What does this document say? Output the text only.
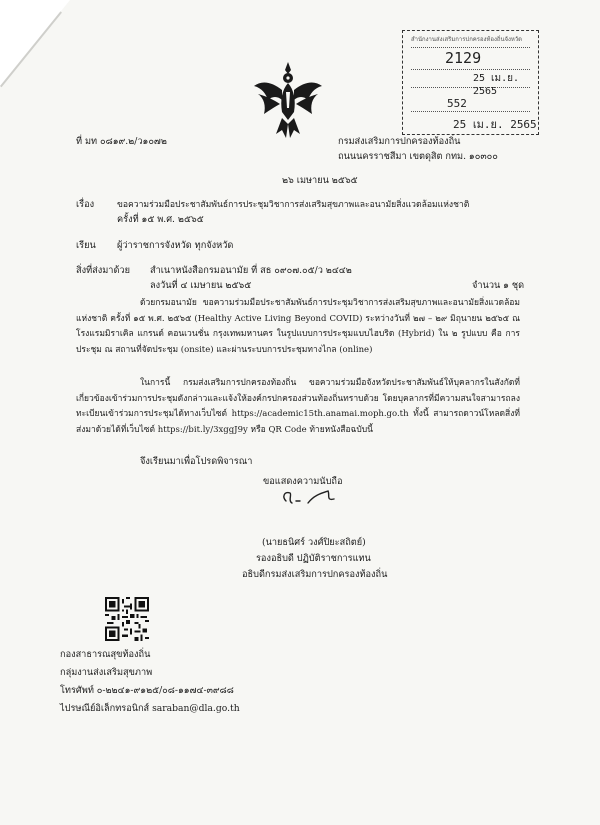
สำนักงานส่งเสริมการปกครองท้องถิ่นจังหวัด
2129
25 เม.ย. 2565
552
25 เม.ย. 2565
ที่ มท ๐๘๑๙.๒/ว๑๐๗๒	กรมส่งเสริมการปกครองท้องถิ่น
ถนนนครราชสีมา เขตดุสิต กทม. ๑๐๓๐๐
๒๖ เมษายน ๒๕๖๕
เรื่อง	ขอความร่วมมือประชาสัมพันธ์การประชุมวิชาการส่งเสริมสุขภาพและอนามัยสิ่งแวดล้อมแห่งชาติ
ครั้งที่ ๑๕ พ.ศ. ๒๕๖๕
เรียน ผู้ว่าราชการจังหวัด ทุกจังหวัด
สิ่งที่ส่งมาด้วย สำเนาหนังสือกรมอนามัย ที่ สธ ๐๙๐๗.๐๕/ว ๒๔๔๒
ลงวันที่ ๔ เมษายน ๒๕๖๕	จำนวน ๑ ชุด

ด้วยกรมอนามัย ขอความร่วมมือประชาสัมพันธ์การประชุมวิชาการส่งเสริมสุขภาพและอนามัยสิ่งแวดล้อมแห่งชาติ ครั้งที่ ๑๕ พ.ศ. ๒๕๖๕ (Healthy Active Living Beyond COVID) ระหว่างวันที่ ๒๗ – ๒๙ มิถุนายน ๒๕๖๕ ณ โรงแรมมิราเคิล แกรนด์ คอนเวนชั่น กรุงเทพมหานคร ในรูปแบบการประชุมแบบไฮบริด (Hybrid) ใน ๒ รูปแบบ คือ การประชุม ณ สถานที่จัดประชุม (onsite) และผ่านระบบการประชุมทางไกล (online)

ในการนี้ กรมส่งเสริมการปกครองท้องถิ่น ขอความร่วมมือจังหวัดประชาสัมพันธ์ให้บุคลากรในสังกัดที่เกี่ยวข้องเข้าร่วมการประชุมดังกล่าวและแจ้งให้องค์กรปกครองส่วนท้องถิ่นทราบด้วย โดยบุคลากรที่มีความสนใจสามารถลงทะเบียนเข้าร่วมการประชุมได้ทางเว็บไซต์ https://academic15th.anamai.moph.go.th ทั้งนี้ สามารถดาวน์โหลดสิ่งที่ส่งมาด้วยได้ที่เว็บไซต์ https://bit.ly/3xggJ9y หรือ QR Code ท้ายหนังสือฉบับนี้

จึงเรียนมาเพื่อโปรดพิจารณา
ขอแสดงความนับถือ
(นายธนิศร์ วงศ์ปิยะสถิตย์)
รองอธิบดี ปฏิบัติราชการแทน
อธิบดีกรมส่งเสริมการปกครองท้องถิ่น
กองสาธารณสุขท้องถิ่น
กลุ่มงานส่งเสริมสุขภาพ
โทรศัพท์ ๐-๒๒๔๑-๙๑๒๕/๐๘-๑๑๗๔-๓๙๘๘
ไปรษณีย์อิเล็กทรอนิกส์ saraban@dla.go.th
